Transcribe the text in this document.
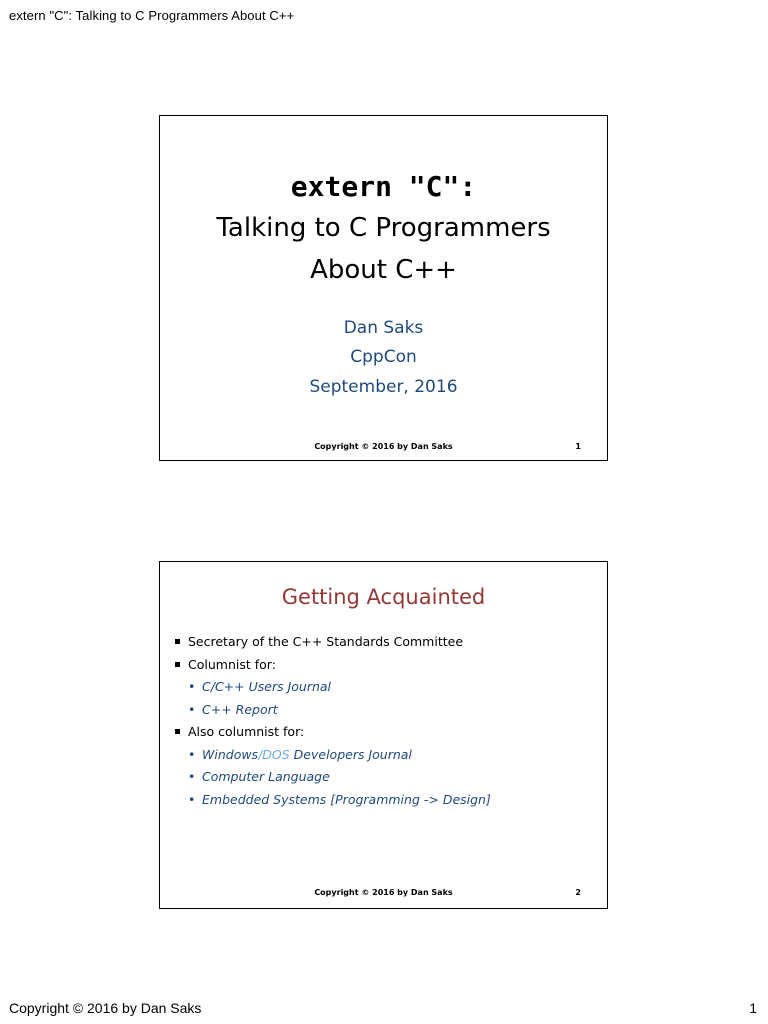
extern "C": Talking to C Programmers About C++
extern "C":
Talking to C Programmers
About C++
Dan Saks
CppCon
September, 2016
Copyright © 2016 by Dan Saks	1
Getting Acquainted
Secretary of the C++ Standards Committee
Columnist for:
• C/C++ Users Journal
• C++ Report
Also columnist for:
• Windows/DOS Developers Journal
• Computer Language
• Embedded Systems [Programming -> Design]
Copyright © 2016 by Dan Saks	2
Copyright © 2016 by Dan Saks	1
